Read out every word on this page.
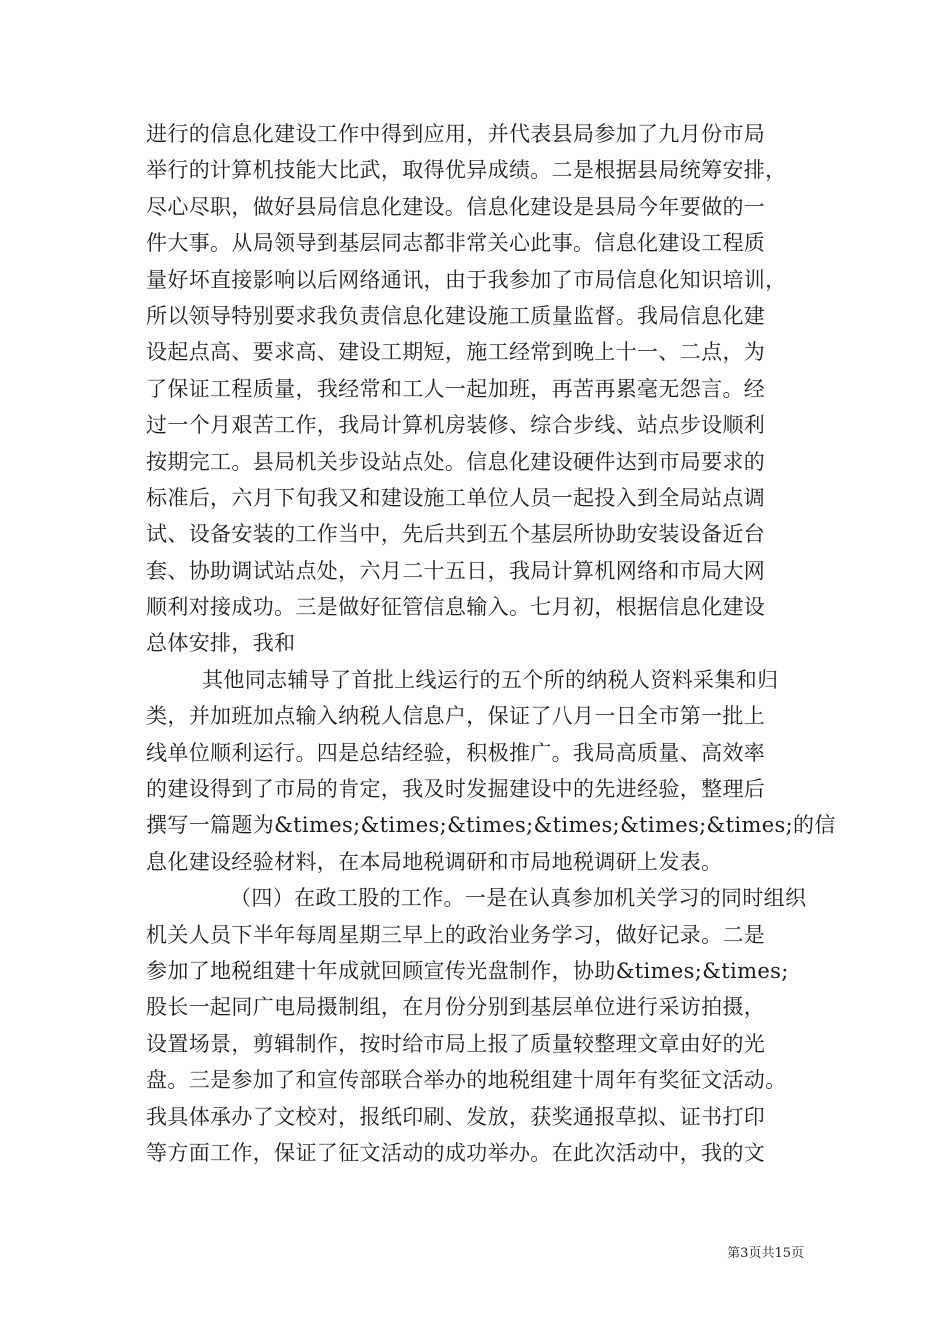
进行的信息化建设工作中得到应用，并代表县局参加了九月份市局
举行的计算机技能大比武，取得优异成绩。二是根据县局统筹安排，
尽心尽职，做好县局信息化建设。信息化建设是县局今年要做的一
件大事。从局领导到基层同志都非常关心此事。信息化建设工程质
量好坏直接影响以后网络通讯，由于我参加了市局信息化知识培训，
所以领导特别要求我负责信息化建设施工质量监督。我局信息化建
设起点高、要求高、建设工期短，施工经常到晚上十一、二点，为
了保证工程质量，我经常和工人一起加班，再苦再累毫无怨言。经
过一个月艰苦工作，我局计算机房装修、综合步线、站点步设顺利
按期完工。县局机关步设站点处。信息化建设硬件达到市局要求的
标准后，六月下旬我又和建设施工单位人员一起投入到全局站点调
试、设备安装的工作当中，先后共到五个基层所协助安装设备近台
套、协助调试站点处，六月二十五日，我局计算机网络和市局大网
顺利对接成功。三是做好征管信息输入。七月初，根据信息化建设
总体安排，我和
其他同志辅导了首批上线运行的五个所的纳税人资料采集和归
类，并加班加点输入纳税人信息户，保证了八月一日全市第一批上
线单位顺利运行。四是总结经验，积极推广。我局高质量、高效率
的建设得到了市局的肯定，我及时发掘建设中的先进经验，整理后
撰写一篇题为&times;&times;&times;&times;&times;&times;的信
息化建设经验材料，在本局地税调研和市局地税调研上发表。
（四）在政工股的工作。一是在认真参加机关学习的同时组织
机关人员下半年每周星期三早上的政治业务学习，做好记录。二是
参加了地税组建十年成就回顾宣传光盘制作，协助&times;&times;
股长一起同广电局摄制组，在月份分别到基层单位进行采访拍摄，
设置场景，剪辑制作，按时给市局上报了质量较整理文章由好的光
盘。三是参加了和宣传部联合举办的地税组建十周年有奖征文活动。
我具体承办了文校对，报纸印刷、发放，获奖通报草拟、证书打印
等方面工作，保证了征文活动的成功举办。在此次活动中，我的文
第3页共15页
